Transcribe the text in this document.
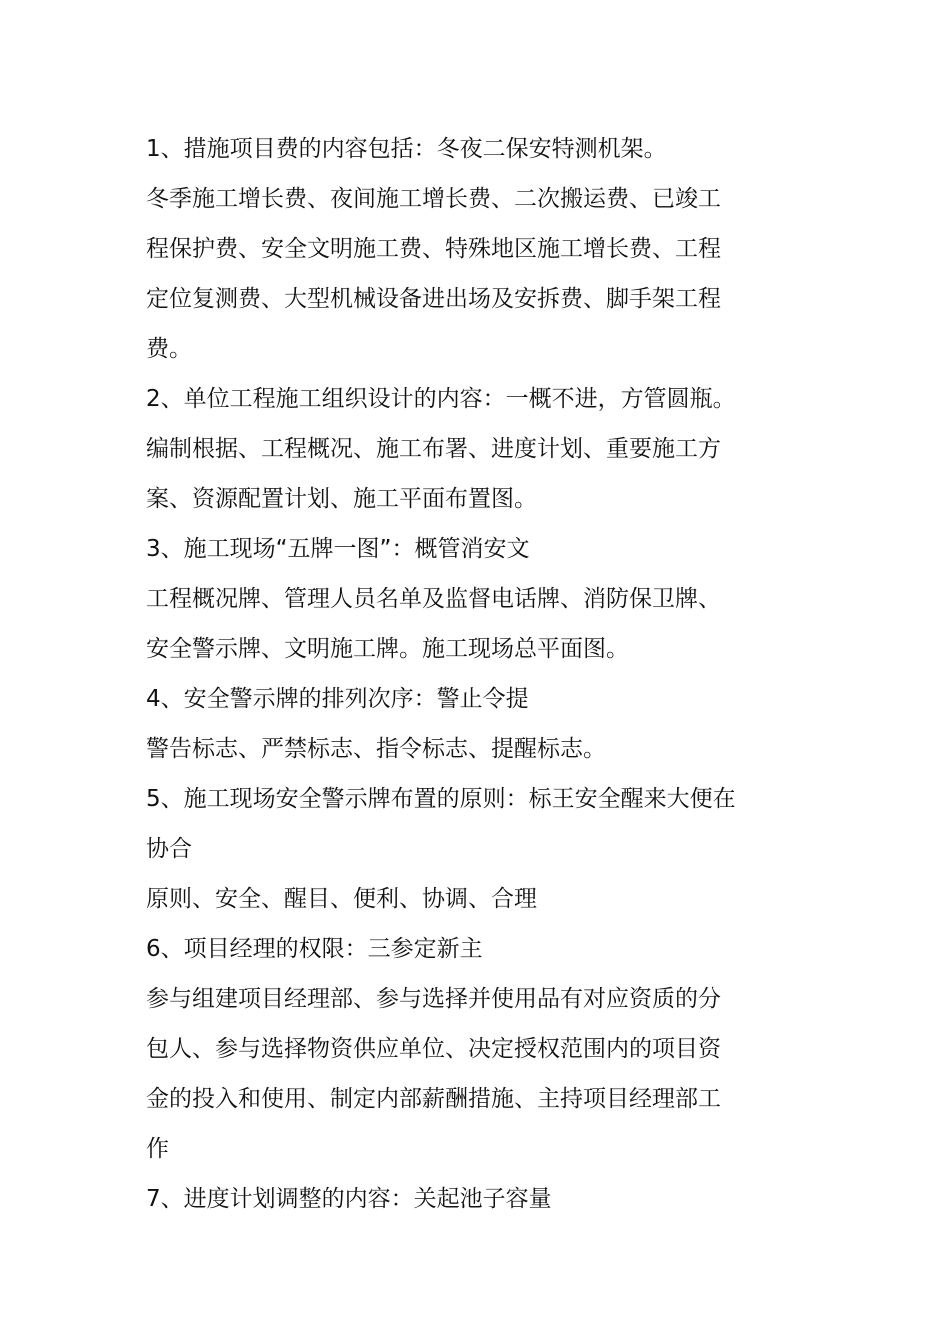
1、措施项目费的内容包括：冬夜二保安特测机架。
冬季施工增长费、夜间施工增长费、二次搬运费、已竣工
程保护费、安全文明施工费、特殊地区施工增长费、工程
定位复测费、大型机械设备进出场及安拆费、脚手架工程
费。
2、单位工程施工组织设计的内容：一概不进，方管圆瓶。
编制根据、工程概况、施工布署、进度计划、重要施工方
案、资源配置计划、施工平面布置图。
3、施工现场“五牌一图”：概管消安文
工程概况牌、管理人员名单及监督电话牌、消防保卫牌、
安全警示牌、文明施工牌。施工现场总平面图。
4、安全警示牌的排列次序：警止令提
警告标志、严禁标志、指令标志、提醒标志。
5、施工现场安全警示牌布置的原则：标王安全醒来大便在
协合
原则、安全、醒目、便利、协调、合理
6、项目经理的权限：三参定新主
参与组建项目经理部、参与选择并使用品有对应资质的分
包人、参与选择物资供应单位、决定授权范围内的项目资
金的投入和使用、制定内部薪酬措施、主持项目经理部工
作
7、进度计划调整的内容：关起池子容量
